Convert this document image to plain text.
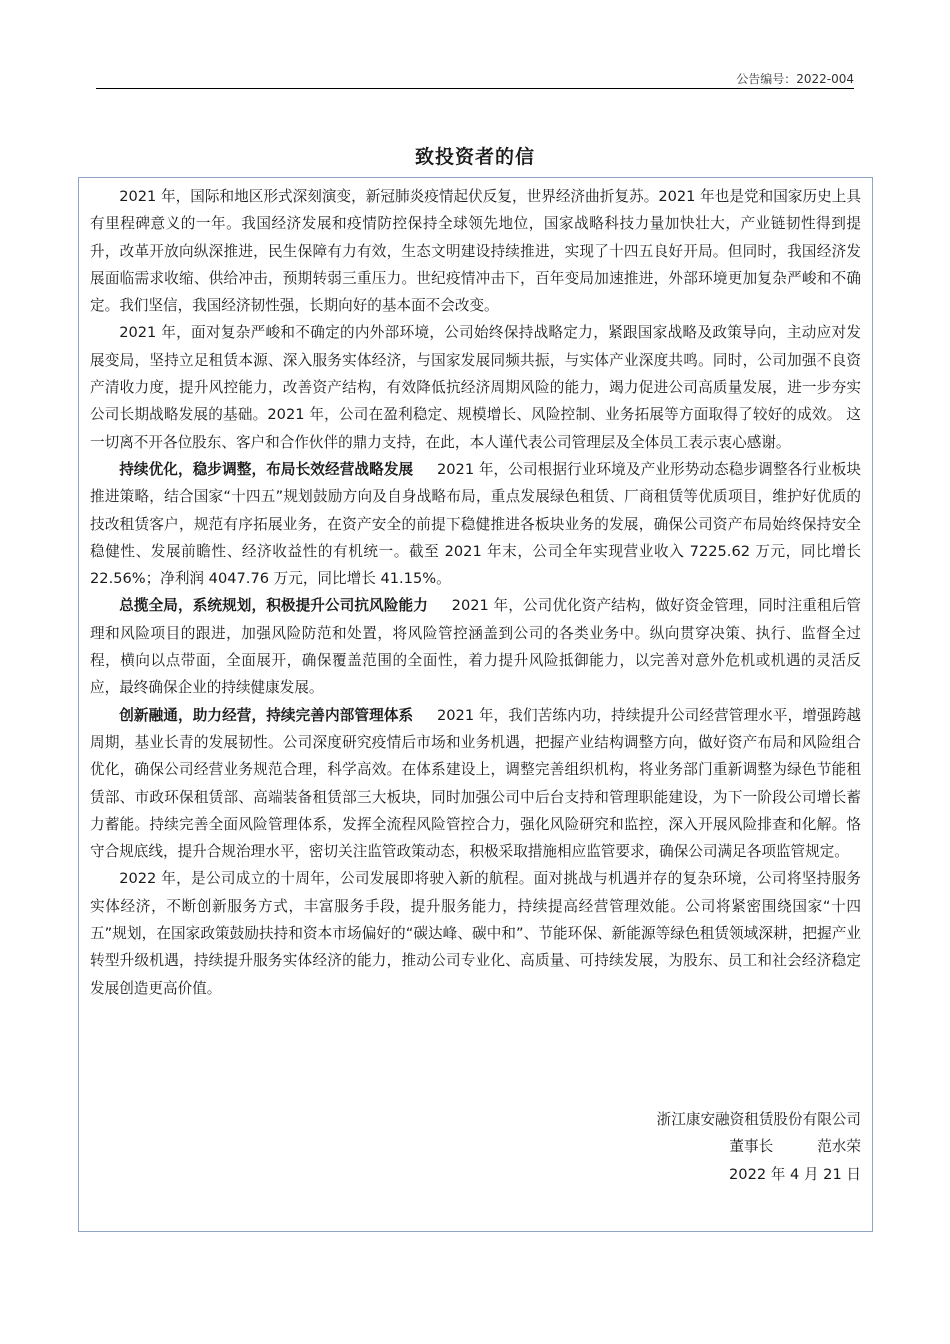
公告编号：2022-004
致投资者的信

2021 年，国际和地区形式深刻演变，新冠肺炎疫情起伏反复，世界经济曲折复苏。2021 年也是党和国家历史上具有里程碑意义的一年。我国经济发展和疫情防控保持全球领先地位，国家战略科技力量加快壮大，产业链韧性得到提升，改革开放向纵深推进，民生保障有力有效，生态文明建设持续推进，实现了十四五良好开局。但同时，我国经济发展面临需求收缩、供给冲击，预期转弱三重压力。世纪疫情冲击下，百年变局加速推进，外部环境更加复杂严峻和不确定。我们坚信，我国经济韧性强，长期向好的基本面不会改变。

2021 年，面对复杂严峻和不确定的内外部环境，公司始终保持战略定力，紧跟国家战略及政策导向，主动应对发展变局，坚持立足租赁本源、深入服务实体经济，与国家发展同频共振，与实体产业深度共鸣。同时，公司加强不良资产清收力度，提升风控能力，改善资产结构，有效降低抗经济周期风险的能力，竭力促进公司高质量发展，进一步夯实公司长期战略发展的基础。2021 年，公司在盈利稳定、规模增长、风险控制、业务拓展等方面取得了较好的成效。 这一切离不开各位股东、客户和合作伙伴的鼎力支持，在此，本人谨代表公司管理层及全体员工表示衷心感谢。

持续优化，稳步调整，布局长效经营战略发展 2021 年，公司根据行业环境及产业形势动态稳步调整各行业板块推进策略，结合国家“十四五”规划鼓励方向及自身战略布局，重点发展绿色租赁、厂商租赁等优质项目，维护好优质的技改租赁客户，规范有序拓展业务，在资产安全的前提下稳健推进各板块业务的发展，确保公司资产布局始终保持安全稳健性、发展前瞻性、经济收益性的有机统一。截至 2021 年末，公司全年实现营业收入 7225.62 万元，同比增长 22.56%；净利润 4047.76 万元，同比增长 41.15%。

总揽全局，系统规划，积极提升公司抗风险能力 2021 年，公司优化资产结构，做好资金管理，同时注重租后管理和风险项目的跟进，加强风险防范和处置，将风险管控涵盖到公司的各类业务中。纵向贯穿决策、执行、监督全过程，横向以点带面，全面展开，确保覆盖范围的全面性，着力提升风险抵御能力，以完善对意外危机或机遇的灵活反应，最终确保企业的持续健康发展。

创新融通，助力经营，持续完善内部管理体系 2021 年，我们苦练内功，持续提升公司经营管理水平，增强跨越周期，基业长青的发展韧性。公司深度研究疫情后市场和业务机遇，把握产业结构调整方向，做好资产布局和风险组合优化，确保公司经营业务规范合理，科学高效。在体系建设上，调整完善组织机构，将业务部门重新调整为绿色节能租赁部、市政环保租赁部、高端装备租赁部三大板块，同时加强公司中后台支持和管理职能建设，为下一阶段公司增长蓄力蓄能。持续完善全面风险管理体系，发挥全流程风险管控合力，强化风险研究和监控，深入开展风险排查和化解。恪守合规底线，提升合规治理水平，密切关注监管政策动态，积极采取措施相应监管要求，确保公司满足各项监管规定。

2022 年，是公司成立的十周年，公司发展即将驶入新的航程。面对挑战与机遇并存的复杂环境，公司将坚持服务实体经济，不断创新服务方式，丰富服务手段，提升服务能力，持续提高经营管理效能。公司将紧密围绕国家“十四五”规划，在国家政策鼓励扶持和资本市场偏好的“碳达峰、碳中和”、节能环保、新能源等绿色租赁领域深耕，把握产业转型升级机遇，持续提升服务实体经济的能力，推动公司专业化、高质量、可持续发展，为股东、员工和社会经济稳定发展创造更高价值。

浙江康安融资租赁股份有限公司
董事长	范水荣
2022 年 4 月 21 日
